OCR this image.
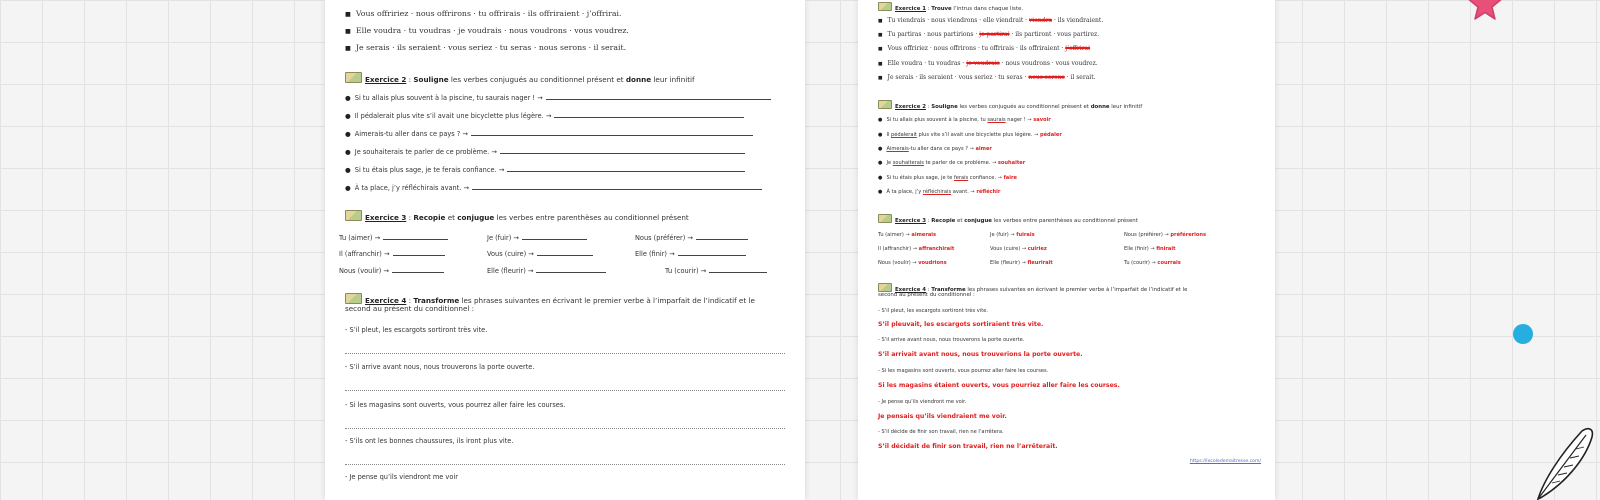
■ Vous offririez · nous offrirons · tu offrirais · ils offriraient · j’offrirai.
■ Elle voudra · tu voudras · je voudrais · nous voudrons · vous voudrez.
■ Je serais · ils seraient · vous seriez · tu seras · nous serons · il serait.
Exercice 2 : Souligne les verbes conjugués au conditionnel présent et donne leur infinitif
● Si tu allais plus souvent à la piscine, tu saurais nager ! →
● Il pédalerait plus vite s’il avait une bicyclette plus légère. →
● Aimerais-tu aller dans ce pays ? →
● Je souhaiterais te parler de ce problème. →
● Si tu étais plus sage, je te ferais confiance. →
● À ta place, j’y réfléchirais avant. →
Exercice 3 : Recopie et conjugue les verbes entre parenthèses au conditionnel présent
Tu (aimer) →	Je (fuir) →	Nous (préférer) →
Il (affranchir) →	Vous (cuire) →	Elle (finir) →
Nous (voulir) →	Elle (fleurir) →	Tu (courir) →
Exercice 4 : Transforme les phrases suivantes en écrivant le premier verbe à l’imparfait de l’indicatif et le
second au présent du conditionnel :
- S’il pleut, les escargots sortiront très vite.
- S’il arrive avant nous, nous trouverons la porte ouverte.
- Si les magasins sont ouverts, vous pourrez aller faire les courses.
- S’ils ont les bonnes chaussures, ils iront plus vite.
- Je pense qu’ils viendront me voir
Exercice 1 : Trouve l’intrus dans chaque liste.
■ Tu viendrais · nous viendrons · elle viendrait · viendra · ils viendraient.
■ Tu partiras · nous partirions · je partirai · ils partiront · vous partirez.
■ Vous offririez · nous offrirons · tu offrirais · ils offriraient · j’offrirai
■ Elle voudra · tu voudras · je voudrais · nous voudrons · vous voudrez.
■ Je serais · ils seraient · vous seriez · tu seras · nous serons · il serait.
Exercice 2 : Souligne les verbes conjugués au conditionnel présent et donne leur infinitif
● Si tu allais plus souvent à la piscine, tu saurais nager ! → savoir
● Il pédalerait plus vite s’il avait une bicyclette plus légère. → pédaler
● Aimerais-tu aller dans ce pays ? → aimer
● Je souhaiterais te parler de ce problème. → souhaiter
● Si tu étais plus sage, je te ferais confiance. → faire
● À ta place, j’y réfléchirais avant. → réfléchir
Exercice 3 : Recopie et conjugue les verbes entre parenthèses au conditionnel présent
Tu (aimer) → aimerais	Je (fuir) → fuirais	Nous (préférer) → préférerions
Il (affranchir) → affranchirait	Vous (cuire) → cuiriez	Elle (finir) → finirait
Nous (voulir) → voudrions	Elle (fleurir) → fleurirait	Tu (courir) → courrais
Exercice 4 : Transforme les phrases suivantes en écrivant le premier verbe à l’imparfait de l’indicatif et le
second au présent du conditionnel :
- S’il pleut, les escargots sortiront très vite.
S’il pleuvait, les escargots sortiraient très vite.
- S’il arrive avant nous, nous trouverons la porte ouverte.
S’il arrivait avant nous, nous trouverions la porte ouverte.
- Si les magasins sont ouverts, vous pourrez aller faire les courses.
Si les magasins étaient ouverts, vous pourriez aller faire les courses.
- Je pense qu’ils viendront me voir.
Je pensais qu’ils viendraient me voir.
- S’il décide de finir son travail, rien ne l’arrêtera.
S’il décidait de finir son travail, rien ne l’arrêterait.
https://lecoledemaitresse.com/
